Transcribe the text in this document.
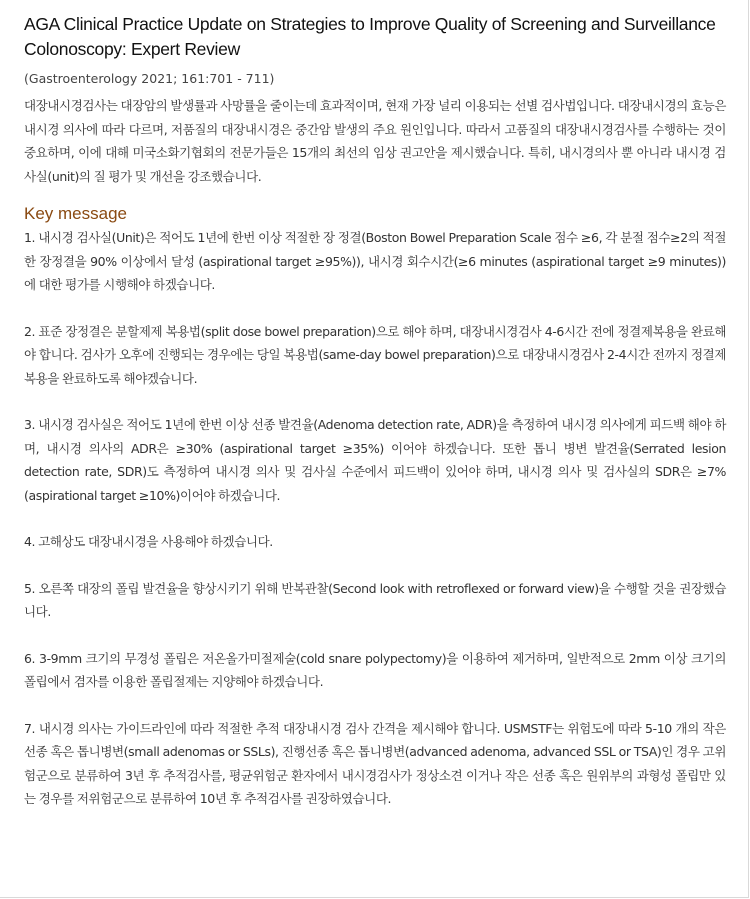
AGA Clinical Practice Update on Strategies to Improve Quality of Screening and Surveillance Colonoscopy: Expert Review
(Gastroenterology 2021; 161:701 - 711)

대장내시경검사는 대장암의 발생률과 사망률을 줄이는데 효과적이며, 현재 가장 널리 이용되는 선별 검사법입니다. 대장내시경의 효능은 내시경 의사에 따라 다르며, 저품질의 대장내시경은 중간암 발생의 주요 원인입니다. 따라서 고품질의 대장내시경검사를 수행하는 것이 중요하며, 이에 대해 미국소화기협회의 전문가들은 15개의 최선의 임상 권고안을 제시했습니다. 특히, 내시경의사 뿐 아니라 내시경 검사실(unit)의 질 평가 및 개선을 강조했습니다.

Key message

1. 내시경 검사실(Unit)은 적어도 1년에 한번 이상 적절한 장 정결(Boston Bowel Preparation Scale 점수 ≥6, 각 분절 점수≥2의 적절한 장정결을 90% 이상에서 달성 (aspirational target ≥95%)), 내시경 회수시간(≥6 minutes (aspirational target ≥9 minutes))에 대한 평가를 시행해야 하겠습니다.

2. 표준 장정결은 분할제제 복용법(split dose bowel preparation)으로 해야 하며, 대장내시경검사 4-6시간 전에 정결제복용을 완료해야 합니다. 검사가 오후에 진행되는 경우에는 당일 복용법(same-day bowel preparation)으로 대장내시경검사 2-4시간 전까지 정결제 복용을 완료하도록 해야겠습니다.

3. 내시경 검사실은 적어도 1년에 한번 이상 선종 발견율(Adenoma detection rate, ADR)을 측정하여 내시경 의사에게 피드백 해야 하며, 내시경 의사의 ADR은 ≥30% (aspirational target ≥35%) 이어야 하겠습니다. 또한 톱니 병변 발견율(Serrated lesion detection rate, SDR)도 측정하여 내시경 의사 및 검사실 수준에서 피드백이 있어야 하며, 내시경 의사 및 검사실의 SDR은 ≥7% (aspirational target ≥10%)이어야 하겠습니다.

4. 고해상도 대장내시경을 사용해야 하겠습니다.

5. 오른쪽 대장의 폴립 발견율을 향상시키기 위해 반복관찰(Second look with retroflexed or forward view)을 수행할 것을 권장했습니다.

6. 3-9mm 크기의 무경성 폴립은 저온올가미절제술(cold snare polypectomy)을 이용하여 제거하며, 일반적으로 2mm 이상 크기의 폴립에서 겸자를 이용한 폴립절제는 지양해야 하겠습니다.

7. 내시경 의사는 가이드라인에 따라 적절한 추적 대장내시경 검사 간격을 제시해야 합니다. USMSTF는 위험도에 따라 5-10 개의 작은 선종 혹은 톱니병변(small adenomas or SSLs), 진행선종 혹은 톱니병변(advanced adenoma, advanced SSL or TSA)인 경우 고위험군으로 분류하여 3년 후 추적검사를, 평균위험군 환자에서 내시경검사가 정상소견 이거나 작은 선종 혹은 원위부의 과형성 폴립만 있는 경우를 저위험군으로 분류하여 10년 후 추적검사를 권장하였습니다.
